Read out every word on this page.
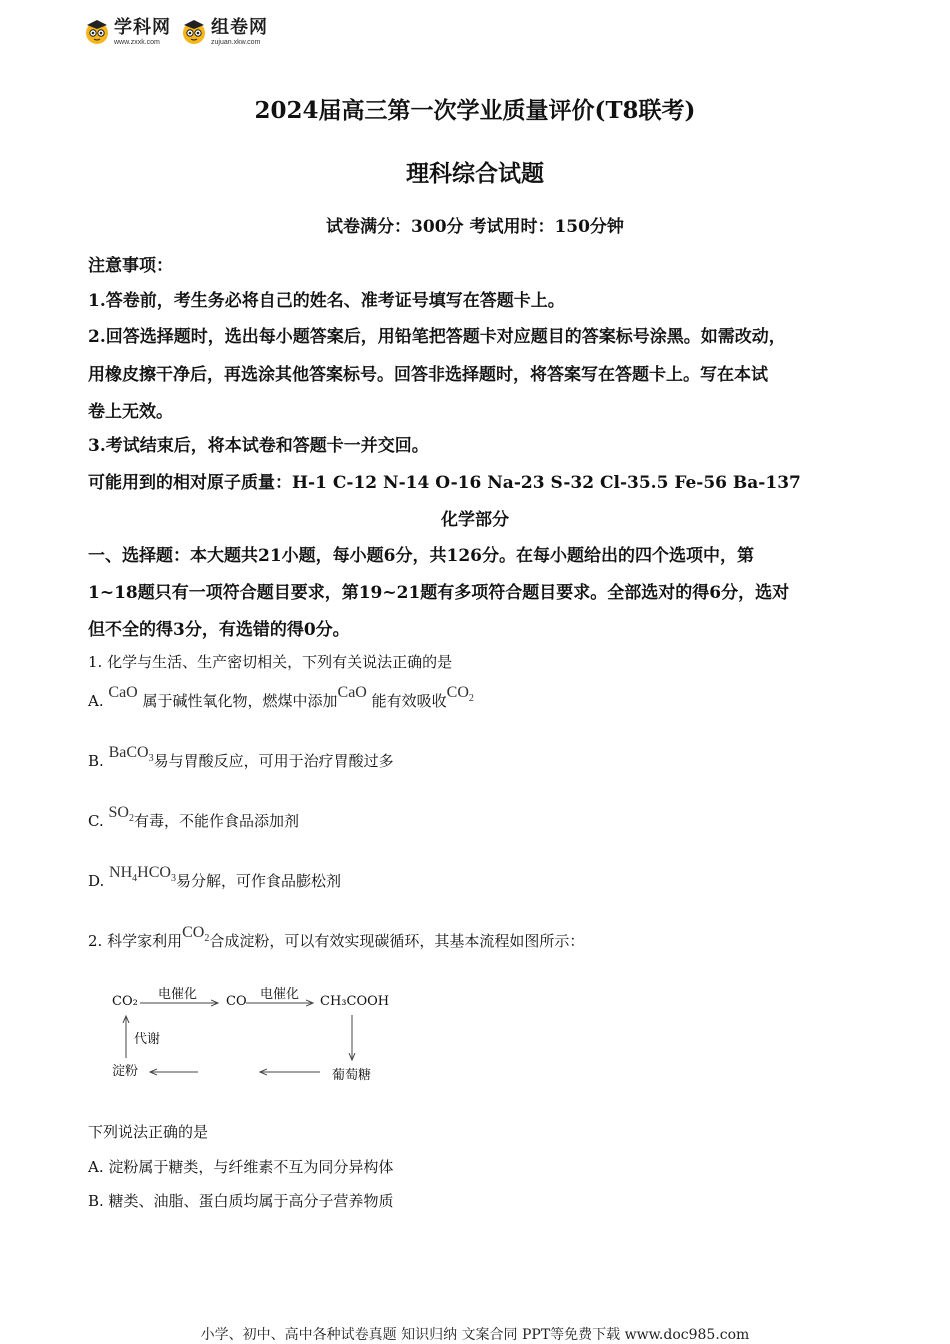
学科网
www.zxxk.com
组卷网
zujuan.xkw.com
2024届高三第一次学业质量评价(T8联考)
理科综合试题
试卷满分：300分 考试用时：150分钟
注意事项：
1.答卷前，考生务必将自己的姓名、准考证号填写在答题卡上。
2.回答选择题时，选出每小题答案后，用铅笔把答题卡对应题目的答案标号涂黑。如需改动，
用橡皮擦干净后，再选涂其他答案标号。回答非选择题时，将答案写在答题卡上。写在本试
卷上无效。
3.考试结束后，将本试卷和答题卡一并交回。
可能用到的相对原子质量：H-1 C-12 N-14 O-16 Na-23 S-32 Cl-35.5 Fe-56 Ba-137
化学部分
一、选择题：本大题共21小题，每小题6分，共126分。在每小题给出的四个选项中，第
1~18题只有一项符合题目要求，第19~21题有多项符合题目要求。全部选对的得6分，选对
但不全的得3分，有选错的得0分。
1. 化学与生活、生产密切相关，下列有关说法正确的是
A. CaO 属于碱性氧化物，燃煤中添加CaO 能有效吸收$CO_2$
B. BaCO$_3$易与胃酸反应，可用于治疗胃酸过多
C. $SO_2$有毒，不能作食品添加剂
D. $NH_4HCO_3$易分解，可作食品膨松剂
2. 科学家利用$CO_2$合成淀粉，可以有效实现碳循环，其基本流程如图所示：
CO₂ 电催化 CO 电催化 CH₃COOH
葡萄糖
淀粉
代谢
下列说法正确的是
A. 淀粉属于糖类，与纤维素不互为同分异构体
B. 糖类、油脂、蛋白质均属于高分子营养物质
小学、初中、高中各种试卷真题 知识归纳 文案合同 PPT等免费下载 www.doc985.com
